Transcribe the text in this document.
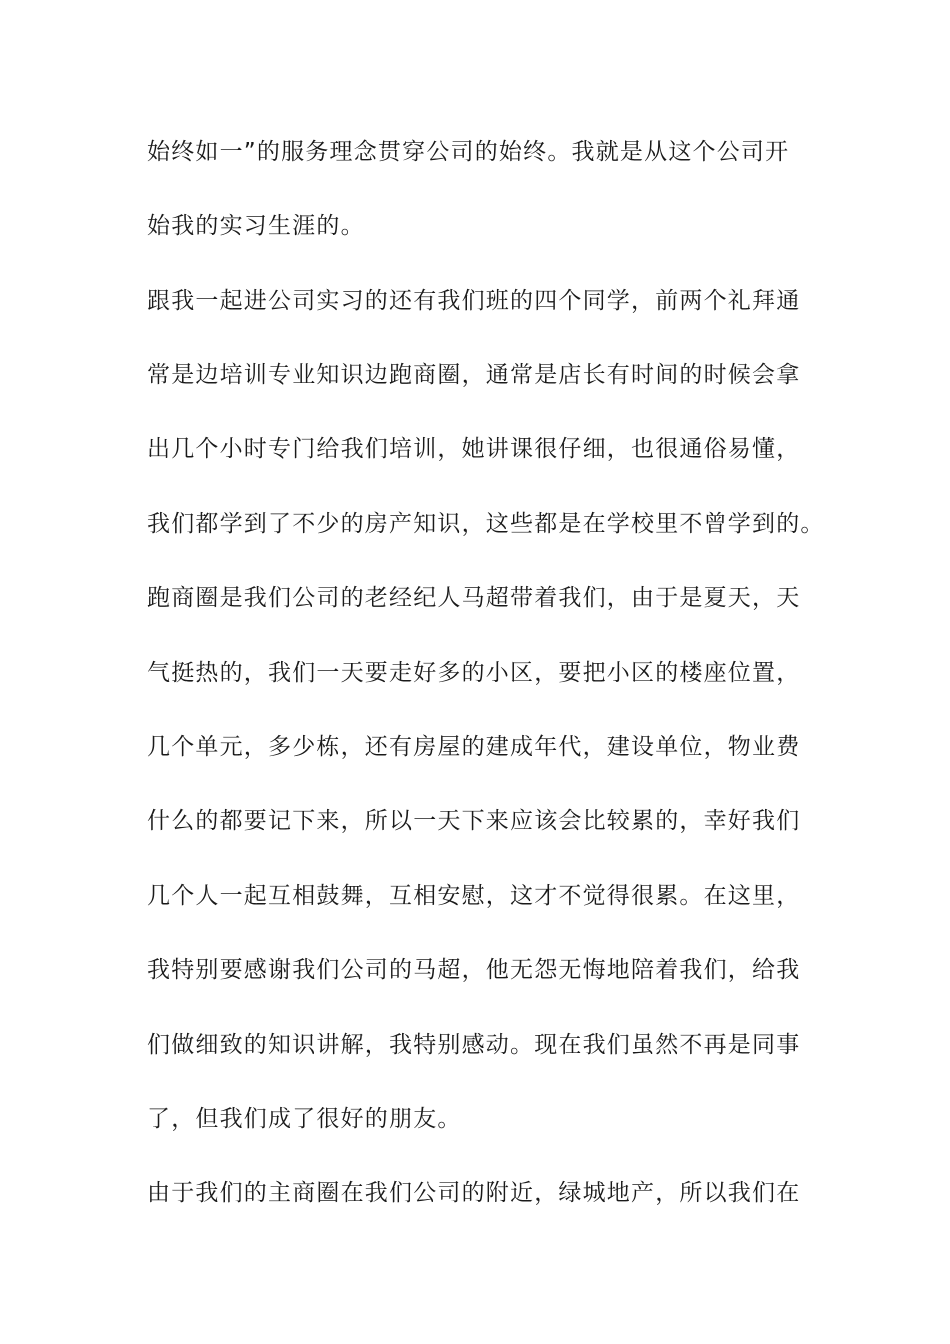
始终如一”的服务理念贯穿公司的始终。我就是从这个公司开
始我的实习生涯的。
跟我一起进公司实习的还有我们班的四个同学，前两个礼拜通
常是边培训专业知识边跑商圈，通常是店长有时间的时候会拿
出几个小时专门给我们培训，她讲课很仔细，也很通俗易懂，
我们都学到了不少的房产知识，这些都是在学校里不曾学到的。
跑商圈是我们公司的老经纪人马超带着我们，由于是夏天，天
气挺热的，我们一天要走好多的小区，要把小区的楼座位置，
几个单元，多少栋，还有房屋的建成年代，建设单位，物业费
什么的都要记下来，所以一天下来应该会比较累的，幸好我们
几个人一起互相鼓舞，互相安慰，这才不觉得很累。在这里，
我特别要感谢我们公司的马超，他无怨无悔地陪着我们，给我
们做细致的知识讲解，我特别感动。现在我们虽然不再是同事
了，但我们成了很好的朋友。
由于我们的主商圈在我们公司的附近，绿城地产，所以我们在
